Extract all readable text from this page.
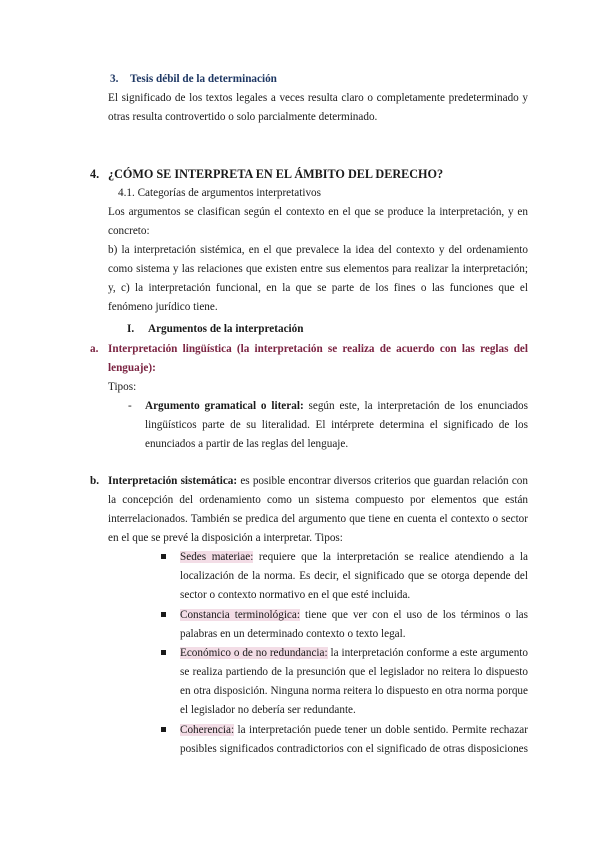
3. Tesis débil de la determinación
El significado de los textos legales a veces resulta claro o completamente predeterminado y
otras resulta controvertido o solo parcialmente determinado.
4. ¿CÓMO SE INTERPRETA EN EL ÁMBITO DEL DERECHO?
4.1. Categorías de argumentos interpretativos
Los argumentos se clasifican según el contexto en el que se produce la interpretación, y en
concreto:
b) la interpretación sistémica, en el que prevalece la idea del contexto y del ordenamiento
como sistema y las relaciones que existen entre sus elementos para realizar la interpretación;
y, c) la interpretación funcional, en la que se parte de los fines o las funciones que el
fenómeno jurídico tiene.
I. Argumentos de la interpretación
a. Interpretación lingüística (la interpretación se realiza de acuerdo con las reglas del
lenguaje):
Tipos:
- Argumento gramatical o literal: según este, la interpretación de los enunciados
lingüísticos parte de su literalidad. El intérprete determina el significado de los
enunciados a partir de las reglas del lenguaje.
b. Interpretación sistemática: es posible encontrar diversos criterios que guardan relación con
la concepción del ordenamiento como un sistema compuesto por elementos que están
interrelacionados. También se predica del argumento que tiene en cuenta el contexto o sector
en el que se prevé la disposición a interpretar. Tipos:
Sedes materiae: requiere que la interpretación se realice atendiendo a la
localización de la norma. Es decir, el significado que se otorga depende del
sector o contexto normativo en el que esté incluida.
Constancia terminológica: tiene que ver con el uso de los términos o las
palabras en un determinado contexto o texto legal.
Económico o de no redundancia: la interpretación conforme a este argumento
se realiza partiendo de la presunción que el legislador no reitera lo dispuesto
en otra disposición. Ninguna norma reitera lo dispuesto en otra norma porque
el legislador no debería ser redundante.
Coherencia: la interpretación puede tener un doble sentido. Permite rechazar
posibles significados contradictorios con el significado de otras disposiciones
